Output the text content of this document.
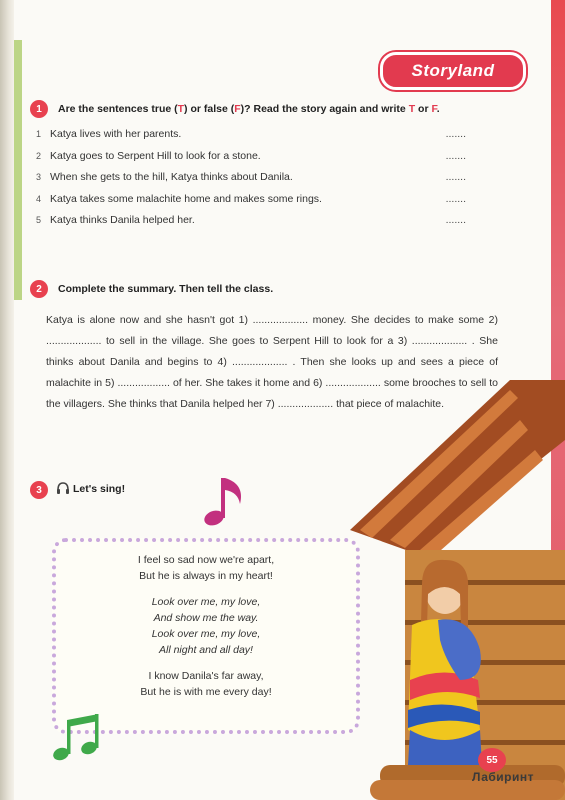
Storyland
1	Are the sentences true (T) or false (F)? Read the story again and write T or F.
1 Katya lives with her parents.	.......
2 Katya goes to Serpent Hill to look for a stone.	.......
3 When she gets to the hill, Katya thinks about Danila.	.......
4 Katya takes some malachite home and makes some rings.	.......
5 Katya thinks Danila helped her.	.......
2	Complete the summary. Then tell the class.
Katya is alone now and she hasn't got 1) ................... money. She decides to make some 2) ................... to sell in the village. She goes to Serpent Hill to look for a 3) ................... . She thinks about Danila and begins to 4) ................... . Then she looks up and sees a piece of malachite in 5) .................. of her. She takes it home and 6) ................... some brooches to sell to the villagers. She thinks that Danila helped her 7) ................... that piece of malachite.
3	Let's sing!
I feel so sad now we're apart,
But he is always in my heart!
Look over me, my love,
And show me the way.
Look over me, my love,
All night and all day!
I know Danila's far away,
But he is with me every day!
55
Лабиринт
